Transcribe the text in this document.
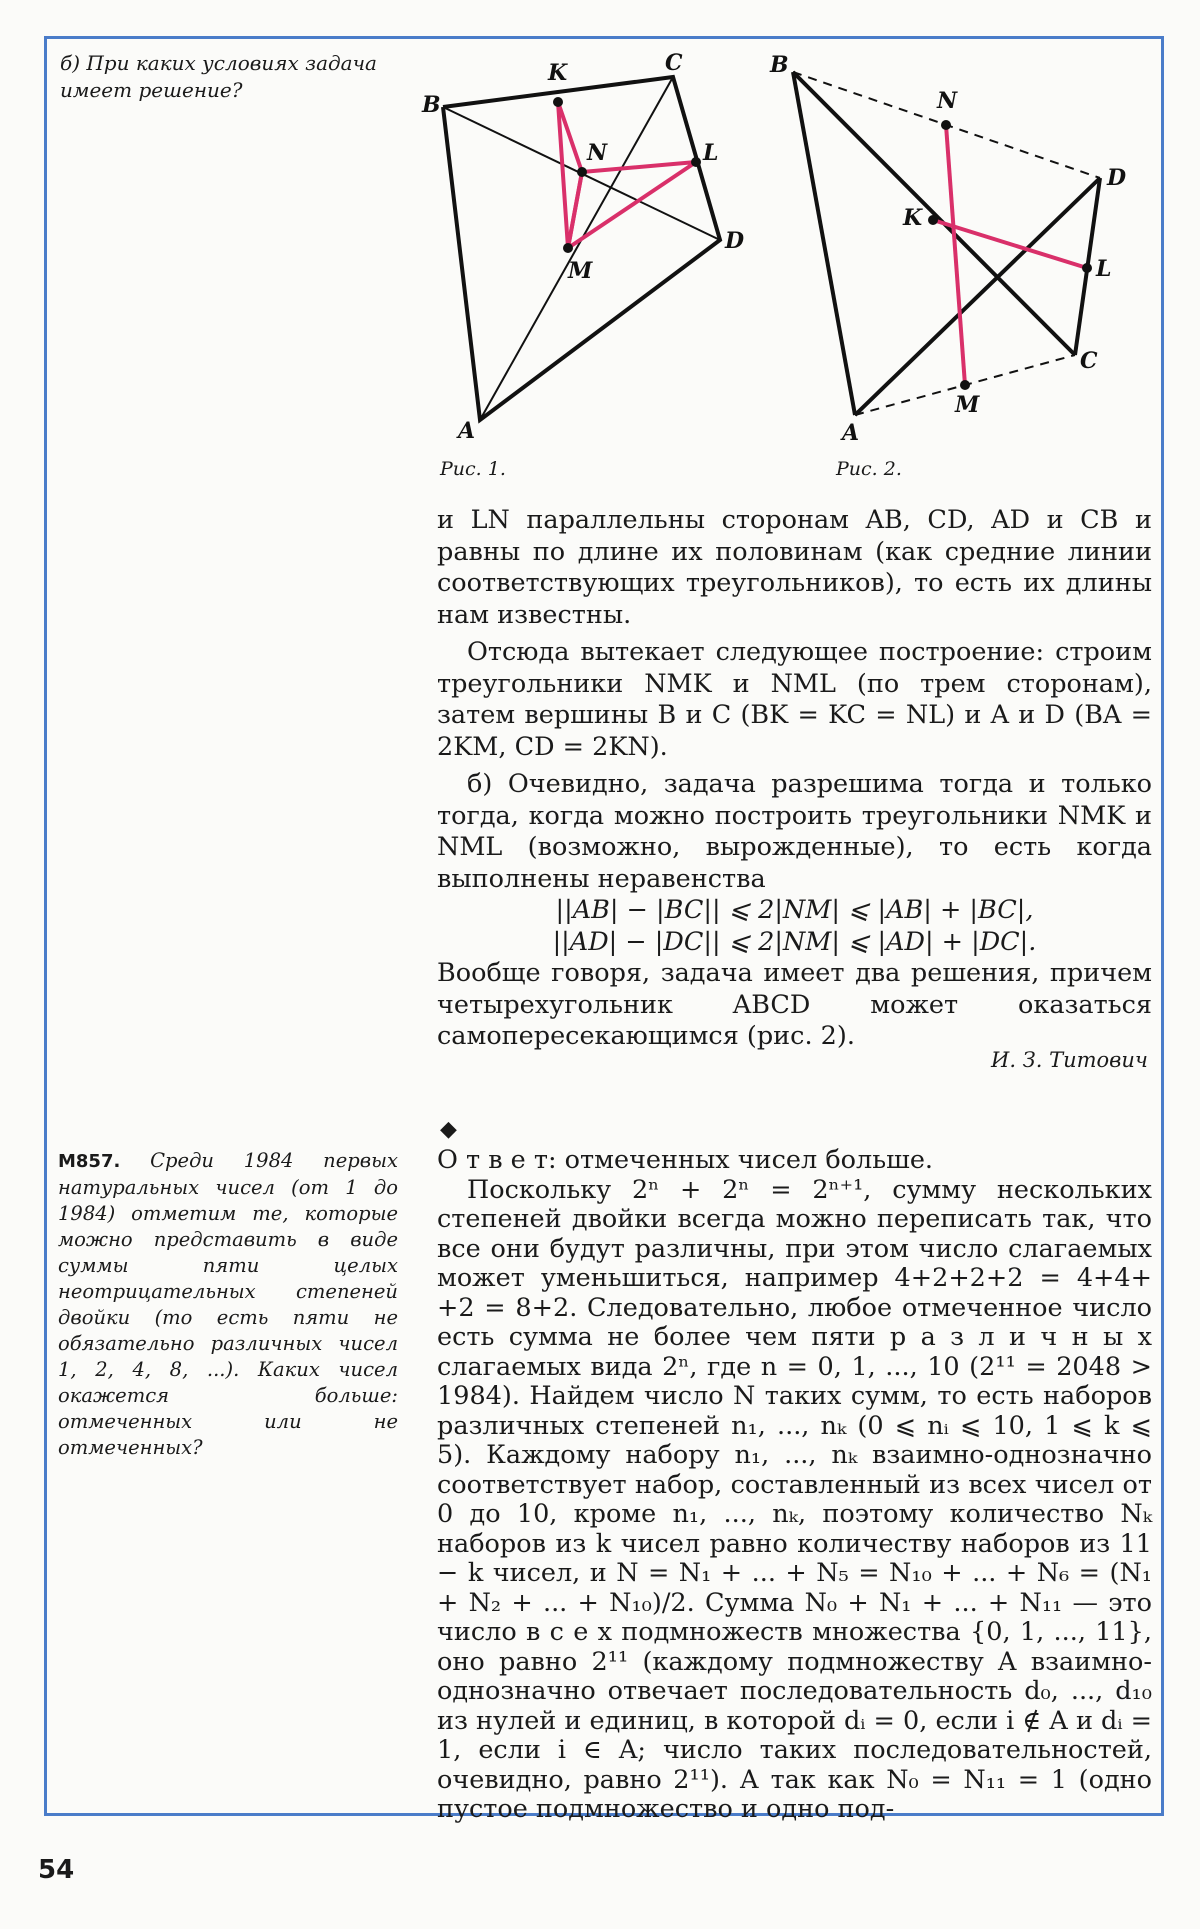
б) При каких условиях задача имеет решение?
B
C
K
N	L
D
M
A
Рис. 1.
B
N
D
K
L
C
M
A
Рис. 2.

и LN параллельны сторонам AB, CD, AD и CB и равны по длине их половинам (как средние линии соответствующих треугольников), то есть их длины нам известны.

Отсюда вытекает следующее построение: строим треугольники NMK и NML (по трем сторонам), затем вершины B и C (BK = KC = NL) и A и D (BA = 2KM, CD = 2KN).

б) Очевидно, задача разрешима тогда и только тогда, когда можно построить треугольники NMK и NML (возможно, вырожденные), то есть когда выполнены неравенства

||AB| − |BC|| ⩽ 2|NM| ⩽ |AB| + |BC|,

||AD| − |DC|| ⩽ 2|NM| ⩽ |AD| + |DC|.

Вообще говоря, задача имеет два решения, причем четырехугольник ABCD может оказаться самопересекающимся (рис. 2).

И. З. Титович
М857. Среди 1984 первых натуральных чисел (от 1 до 1984) отметим те, которые можно представить в виде суммы пяти целых неотрицательных степеней двойки (то есть пяти не обязательно различных чисел 1, 2, 4, 8, ...). Каких чисел окажется больше: отмеченных или не отмеченных?
◆

О т в е т: отмеченных чисел больше.

Поскольку 2ⁿ + 2ⁿ = 2ⁿ⁺¹, сумму нескольких степеней двойки всегда можно переписать так, что все они будут различны, при этом число слагаемых может уменьшиться, например 4+2+2+2 = 4+4+ +2 = 8+2. Следовательно, любое отмеченное число есть сумма не более чем пяти р а з л и ч н ы х слагаемых вида 2ⁿ, где n = 0, 1, ..., 10 (2¹¹ = 2048 > 1984). Найдем число N таких сумм, то есть наборов различных степеней n₁, ..., nₖ (0 ⩽ nᵢ ⩽ 10, 1 ⩽ k ⩽ 5). Каждому набору n₁, ..., nₖ взаимно-однозначно соответствует набор, составленный из всех чисел от 0 до 10, кроме n₁, ..., nₖ, поэтому количество Nₖ наборов из k чисел равно количеству наборов из 11 − k чисел, и N = N₁ + ... + N₅ = N₁₀ + ... + N₆ = (N₁ + N₂ + ... + N₁₀)/2. Сумма N₀ + N₁ + ... + N₁₁ — это число в с е х подмножеств множества {0, 1, ..., 11}, оно равно 2¹¹ (каждому подмножеству A взаимно-однозначно отвечает последовательность d₀, ..., d₁₀ из нулей и единиц, в которой dᵢ = 0, если i ∉ A и dᵢ = 1, если i ∈ A; число таких последовательностей, очевидно, равно 2¹¹). А так как N₀ = N₁₁ = 1 (одно пустое подмножество и одно под-

54
